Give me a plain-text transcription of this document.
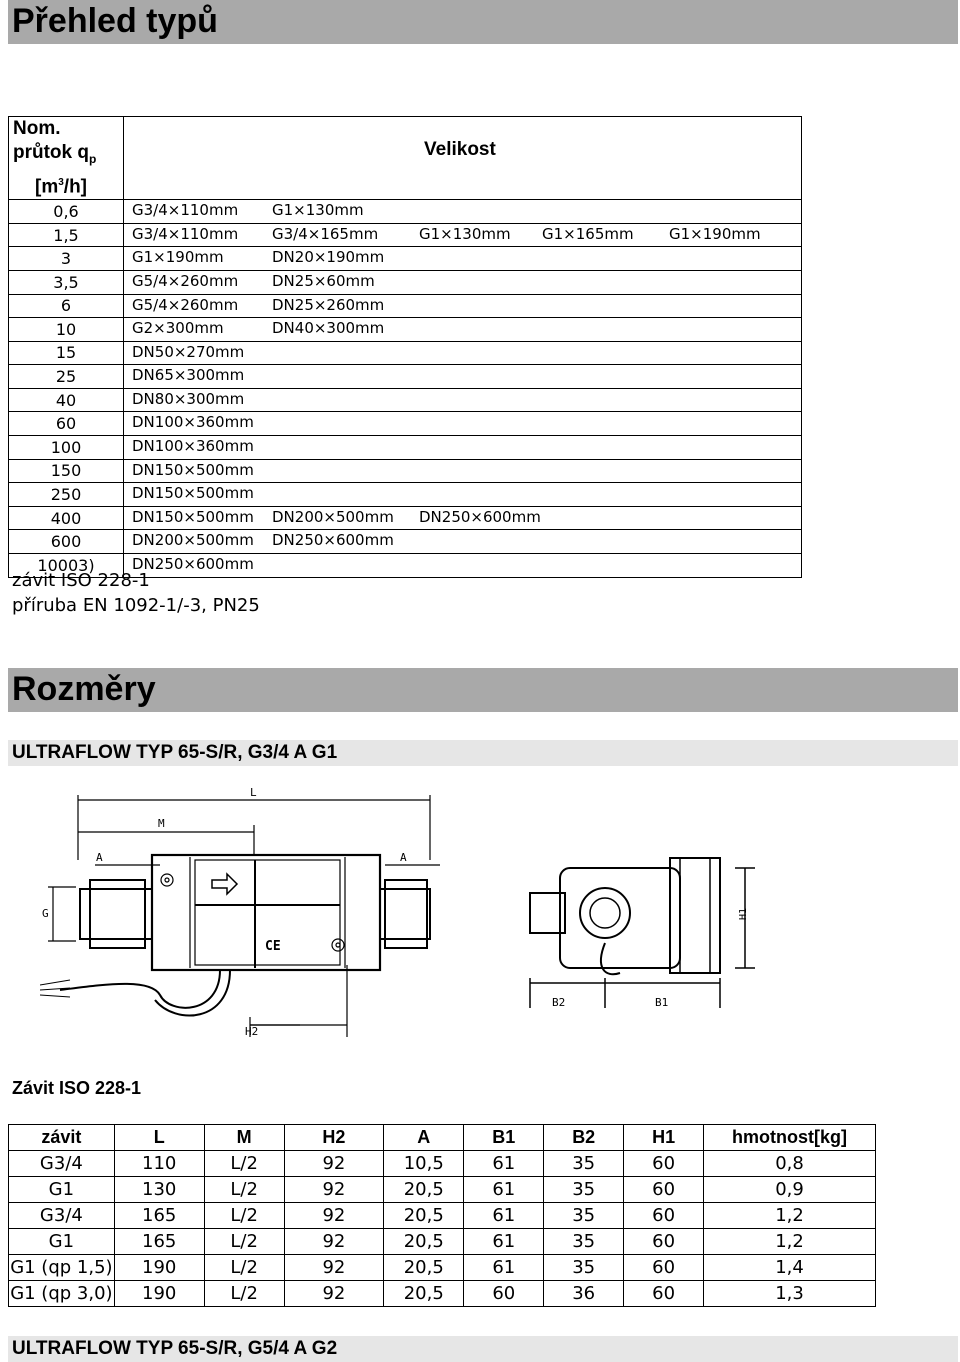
Přehled typů
Nom.
průtok $q_p$
$[m^3/h]$	Velikost
0,6	G3/4×110mm G1×130mm

1,5	G3/4×110mm G3/4×165mm G1×130mm G1×165mm G1×190mm

3	G1×190mm DN20×190mm

3,5	G5/4×260mm DN25×60mm

6	G5/4×260mm DN25×260mm

10	G2×300mm DN40×300mm

15	DN50×270mm

25	DN65×300mm

40	DN80×300mm

60	DN100×360mm

100	DN100×360mm

150	DN150×500mm

250	DN150×500mm

400	DN150×500mm DN200×500mm DN250×600mm

600	DN200×500mm DN250×600mm

10003)	DN250×600mm
závit ISO 228-1
příruba EN 1092-1/-3, PN25
Rozměry
ULTRAFLOW TYP 65-S/R, G3/4 A G1
L
M
A	A
G
H2
CE
H1
B2	B1
Závit ISO 228-1
závit	L	M	H2	A	B1	B2	H1	hmotnost[kg]
G3/4	110	L/2	92	10,5	61	35	60	0,8
G1	130	L/2	92	20,5	61	35	60	0,9
G3/4	165	L/2	92	20,5	61	35	60	1,2
G1	165	L/2	92	20,5	61	35	60	1,2
G1 (qp 1,5)	190	L/2	92	20,5	61	35	60	1,4
G1 (qp 3,0)	190	L/2	92	20,5	60	36	60	1,3
ULTRAFLOW TYP 65-S/R, G5/4 A G2
